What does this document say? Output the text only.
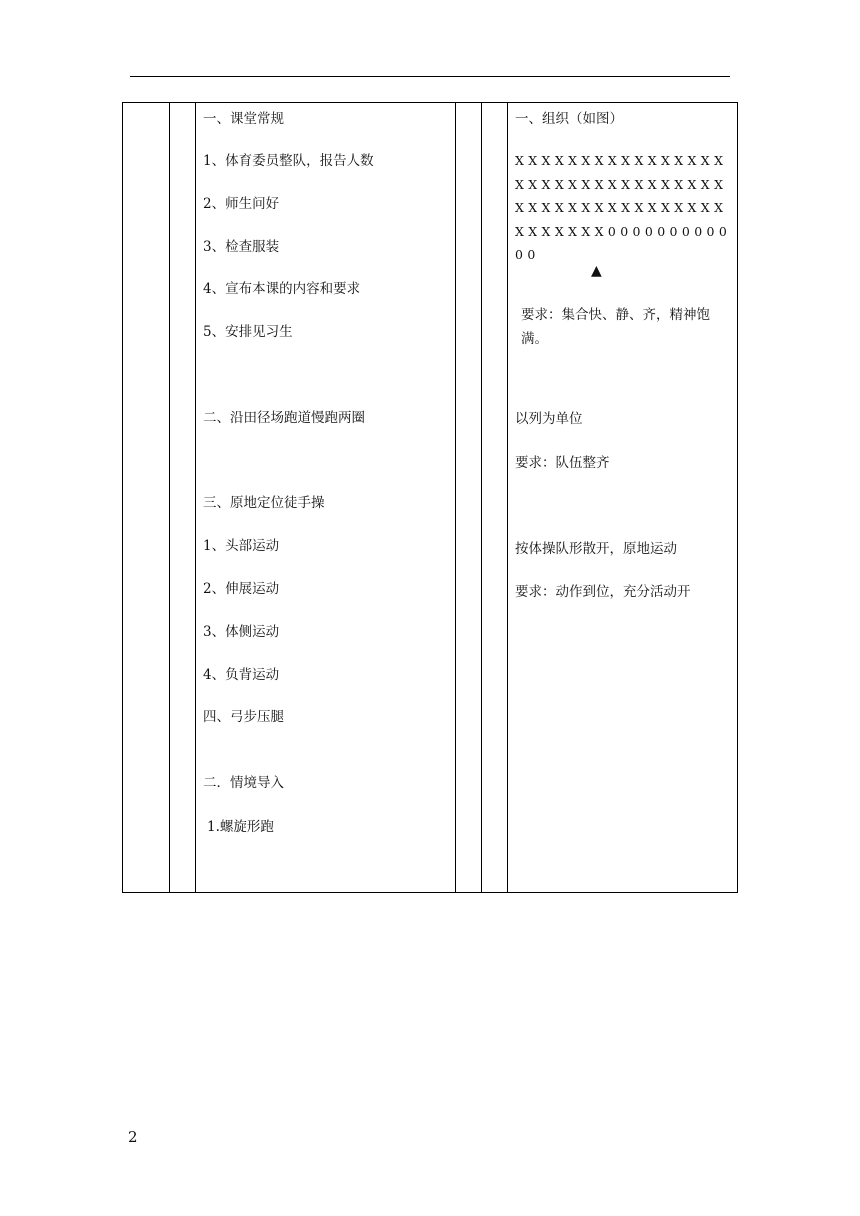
一、课堂常规

1、体育委员整队，报告人数

2、师生问好

3、检查服装

4、宣布本课的内容和要求

5、安排见习生

二、沿田径场跑道慢跑两圈

三、原地定位徒手操

1、头部运动

2、伸展运动

3、体侧运动

4、负背运动

四、弓步压腿

二．情境导入

1.螺旋形跑

一、组织（如图）

X X X X X X X X X X X X X X X X X X X X X X X X X X X X X X X X X X X X X X X X X X X X X X X X X X X X X X X 0 0 0 0 0 0 0 0 0 0 0 0
▲

要求：集合快、静、齐，精神饱满。

以列为单位

要求：队伍整齐

按体操队形散开，原地运动

要求：动作到位，充分活动开

2
